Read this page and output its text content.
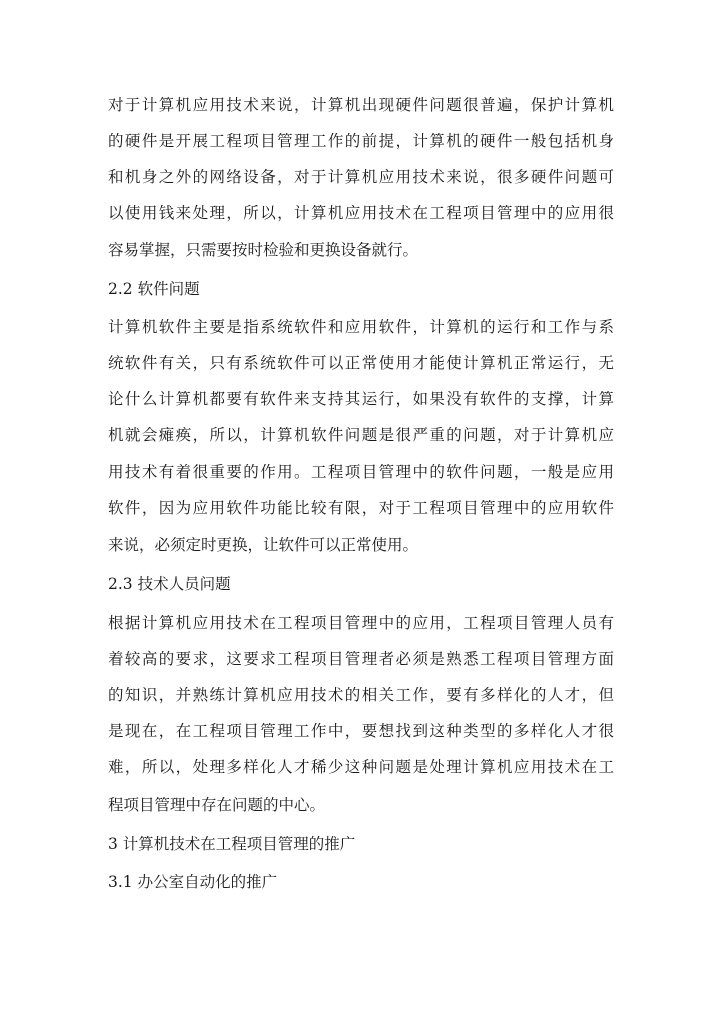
对于计算机应用技术来说，计算机出现硬件问题很普遍，保护计算机
的硬件是开展工程项目管理工作的前提，计算机的硬件一般包括机身
和机身之外的网络设备，对于计算机应用技术来说，很多硬件问题可
以使用钱来处理，所以，计算机应用技术在工程项目管理中的应用很
容易掌握，只需要按时检验和更换设备就行。
2.2 软件问题
计算机软件主要是指系统软件和应用软件，计算机的运行和工作与系
统软件有关，只有系统软件可以正常使用才能使计算机正常运行，无
论什么计算机都要有软件来支持其运行，如果没有软件的支撑，计算
机就会瘫痪，所以，计算机软件问题是很严重的问题，对于计算机应
用技术有着很重要的作用。工程项目管理中的软件问题，一般是应用
软件，因为应用软件功能比较有限，对于工程项目管理中的应用软件
来说，必须定时更换，让软件可以正常使用。
2.3 技术人员问题
根据计算机应用技术在工程项目管理中的应用，工程项目管理人员有
着较高的要求，这要求工程项目管理者必须是熟悉工程项目管理方面
的知识，并熟练计算机应用技术的相关工作，要有多样化的人才，但
是现在，在工程项目管理工作中，要想找到这种类型的多样化人才很
难，所以，处理多样化人才稀少这种问题是处理计算机应用技术在工
程项目管理中存在问题的中心。
3 计算机技术在工程项目管理的推广
3.1 办公室自动化的推广
